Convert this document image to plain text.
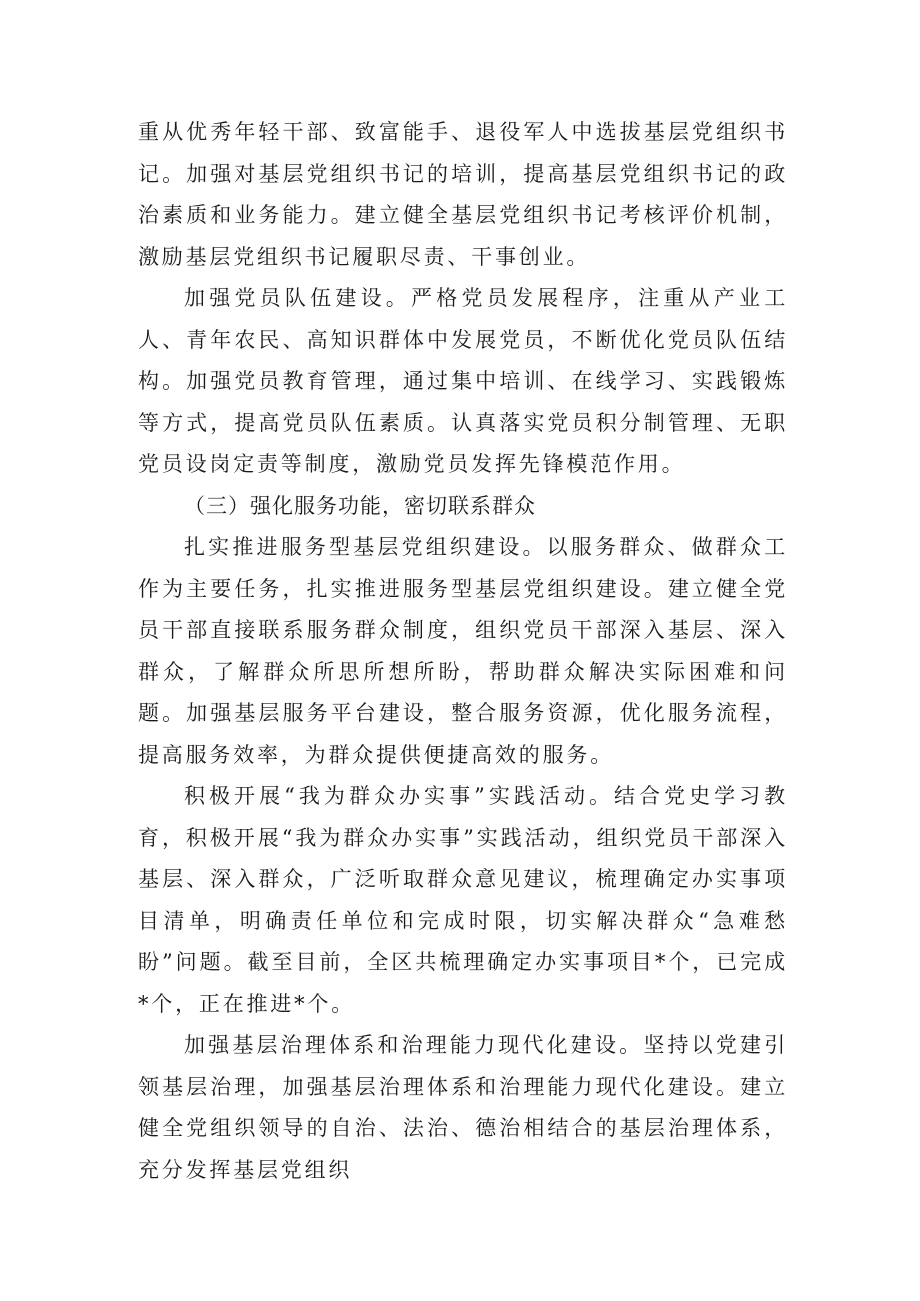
重从优秀年轻干部、致富能手、退役军人中选拔基层党组织书记。加强对基层党组织书记的培训，提高基层党组织书记的政治素质和业务能力。建立健全基层党组织书记考核评价机制，激励基层党组织书记履职尽责、干事创业。

加强党员队伍建设。严格党员发展程序，注重从产业工人、青年农民、高知识群体中发展党员，不断优化党员队伍结构。加强党员教育管理，通过集中培训、在线学习、实践锻炼等方式，提高党员队伍素质。认真落实党员积分制管理、无职党员设岗定责等制度，激励党员发挥先锋模范作用。

（三）强化服务功能，密切联系群众

扎实推进服务型基层党组织建设。以服务群众、做群众工作为主要任务，扎实推进服务型基层党组织建设。建立健全党员干部直接联系服务群众制度，组织党员干部深入基层、深入群众，了解群众所思所想所盼，帮助群众解决实际困难和问题。加强基层服务平台建设，整合服务资源，优化服务流程，提高服务效率，为群众提供便捷高效的服务。

积极开展“我为群众办实事”实践活动。结合党史学习教育，积极开展“我为群众办实事”实践活动，组织党员干部深入基层、深入群众，广泛听取群众意见建议，梳理确定办实事项目清单，明确责任单位和完成时限，切实解决群众“急难愁盼”问题。截至目前，全区共梳理确定办实事项目*个，已完成*个，正在推进*个。

加强基层治理体系和治理能力现代化建设。坚持以党建引领基层治理，加强基层治理体系和治理能力现代化建设。建立健全党组织领导的自治、法治、德治相结合的基层治理体系，充分发挥基层党组织
